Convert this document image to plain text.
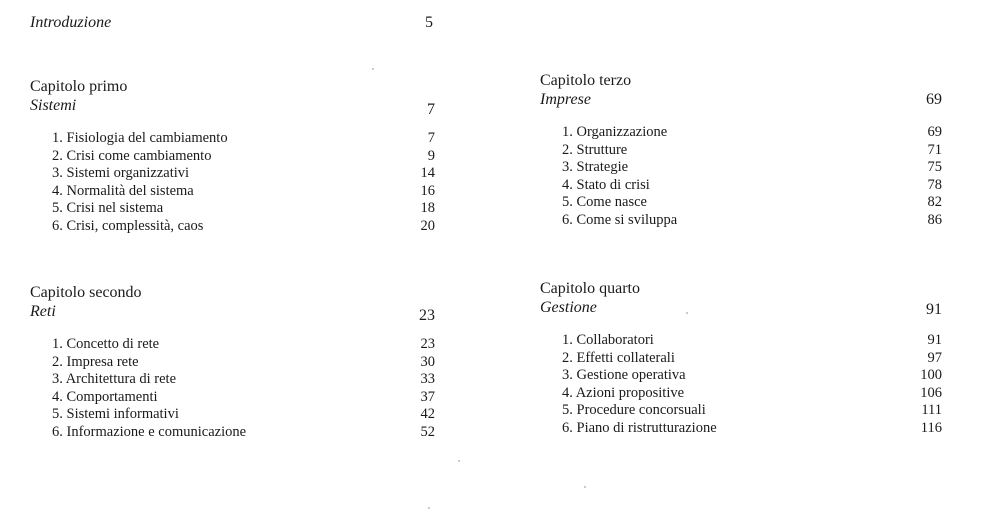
Introduzione	5
Capitolo primo
Sistemi	7
1. Fisiologia del cambiamento	7
2. Crisi come cambiamento	9
3. Sistemi organizzativi	14
4. Normalità del sistema	16
5. Crisi nel sistema	18
6. Crisi, complessità, caos	20
Capitolo secondo
Reti	23
1. Concetto di rete	23
2. Impresa rete	30
3. Architettura di rete	33
4. Comportamenti	37
5. Sistemi informativi	42
6. Informazione e comunicazione	52
Capitolo terzo
Imprese	69
1. Organizzazione	69
2. Strutture	71
3. Strategie	75
4. Stato di crisi	78
5. Come nasce	82
6. Come si sviluppa	86
Capitolo quarto
Gestione	91
1. Collaboratori	91
2. Effetti collaterali	97
3. Gestione operativa	100
4. Azioni propositive	106
5. Procedure concorsuali	111
6. Piano di ristrutturazione	116
